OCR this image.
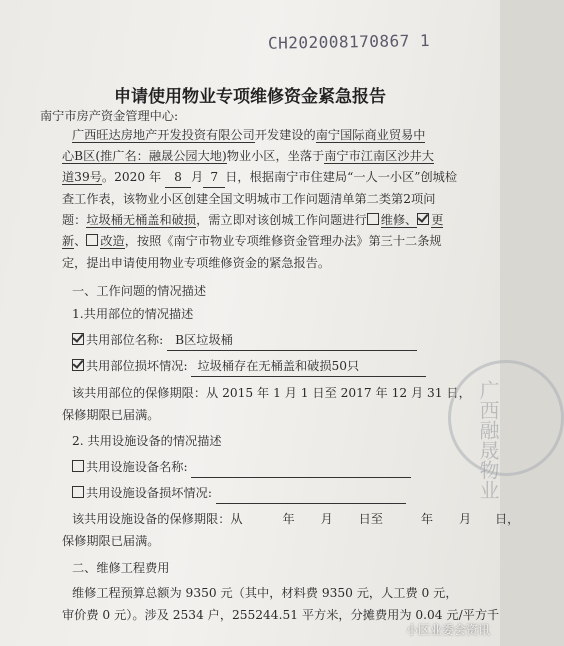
CH202008170867 1
申请使用物业专项维修资金紧急报告
南宁市房产资金管理中心:
广西旺达房地产开发投资有限公司开发建设的南宁国际商业贸易中
心B区(推广名：融晟公园大地)物业小区，坐落于南宁市江南区沙井大
道39号。2020 年 8 月 7 日，根据南宁市住建局“一人一小区”创城检
查工作表，该物业小区创建全国文明城市工作问题清单第二类第2项问
题：垃圾桶无桶盖和破损，需立即对该创城工作问题进行 维修、 更
新、 改造，按照《南宁市物业专项维修资金管理办法》第三十二条规
定，提出申请使用物业专项维修资金的紧急报告。
一、工作问题的情况描述
1.共用部位的情况描述
共用部位名称: B区垃圾桶
共用部位损坏情况: 垃圾桶存在无桶盖和破损50只
该共用部位的保修期限：从 2015 年 1 月 1 日至 2017 年 12 月 31 日，
保修期限已届满。
2. 共用设施设备的情况描述
共用设施设备名称:
共用设施设备损坏情况:
该共用设施设备的保修期限：从	年 月 日至	年 月 日，
保修期限已届满。
二、维修工程费用
维修工程预算总额为 9350 元（其中，材料费 9350 元，人工费 0 元，
审价费 0 元）。涉及 2534 户，255244.51 平方米，分摊费用为 0.04 元/平方千
广西融晟物业
小区业委会资讯
